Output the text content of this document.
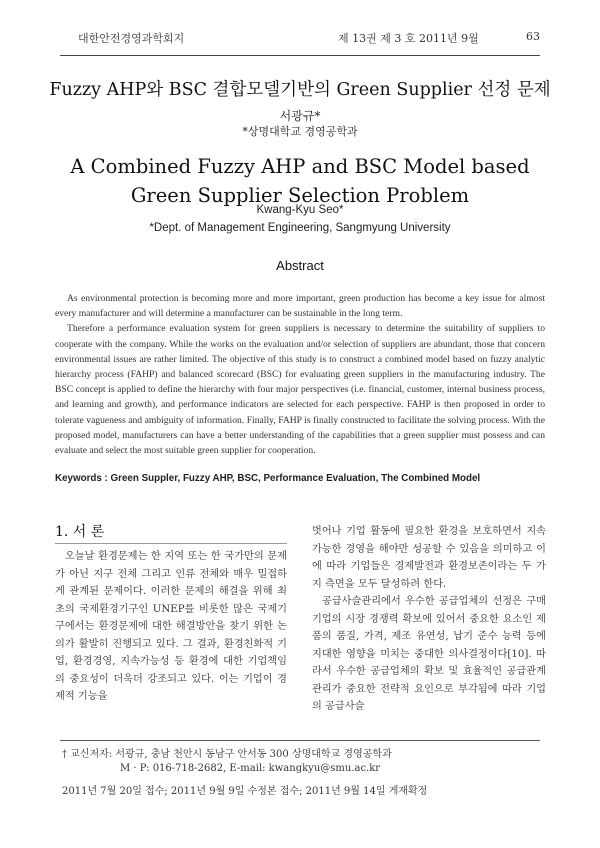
대한안전경영과학회지	제 13권 제 3 호 2011년 9월	63
Fuzzy AHP와 BSC 결합모델기반의 Green Supplier 선정 문제
서광규*
*상명대학교 경영공학과
A Combined Fuzzy AHP and BSC Model based Green Supplier Selection Problem
Kwang-Kyu Seo*
*Dept. of Management Engineering, Sangmyung University
Abstract

As environmental protection is becoming more and more important, green production has become a key issue for almost every manufacturer and will determine a manufacturer can be sustainable in the long term.

Therefore a performance evaluation system for green suppliers is necessary to determine the suitability of suppliers to cooperate with the company. While the works on the evaluation and/or selection of suppliers are abundant, those that concern environmental issues are rather limited. The objective of this study is to construct a combined model based on fuzzy analytic hierarchy process (FAHP) and balanced scorecard (BSC) for evaluating green suppliers in the manufacturing industry. The BSC concept is applied to define the hierarchy with four major perspectives (i.e. financial, customer, internal business process, and learning and growth), and performance indicators are selected for each perspective. FAHP is then proposed in order to tolerate vagueness and ambiguity of information. Finally, FAHP is finally constructed to facilitate the solving process. With the proposed model, manufacturers can have a better understanding of the capabilities that a green supplier must possess and can evaluate and select the most suitable green supplier for cooperation.

Keywords : Green Suppler, Fuzzy AHP, BSC, Performance Evaluation, The Combined Model
1. 서 론

오늘날 환경문제는 한 지역 또는 한 국가만의 문제가 아닌 지구 전체 그리고 인류 전체와 매우 밀접하게 관계된 문제이다. 이러한 문제의 해결을 위해 최초의 국제환경기구인 UNEP를 비롯한 많은 국제기구에서는 환경문제에 대한 해결방안을 찾기 위한 논의가 활발히 진행되고 있다. 그 결과, 환경친화적 기업, 환경경영, 지속가능성 등 환경에 대한 기업책임의 중요성이 더욱더 강조되고 있다. 이는 기업이 경제적 기능을

벗어나 기업 활동에 필요한 환경을 보호하면서 지속가능한 경영을 해야만 성공할 수 있음을 의미하고 이에 따라 기업들은 경제발전과 환경보존이라는 두 가지 측면을 모두 달성하려 한다.

공급사슬관리에서 우수한 공급업체의 선정은 구매기업의 시장 경쟁력 확보에 있어서 중요한 요소인 제품의 품질, 가격, 제조 유연성, 납기 준수 능력 등에 지대한 영향을 미치는 중대한 의사결정이다[10]. 따라서 우수한 공급업체의 확보 및 효율적인 공급관계 관리가 중요한 전략적 요인으로 부각됨에 따라 기업의 공급사슬

† 교신저자: 서광규, 충남 천안시 동남구 안서동 300 상명대학교 경영공학과
M · P: 016-718-2682, E-mail: kwangkyu@smu.ac.kr
2011년 7월 20일 접수; 2011년 9월 9일 수정본 접수; 2011년 9월 14일 게재확정
